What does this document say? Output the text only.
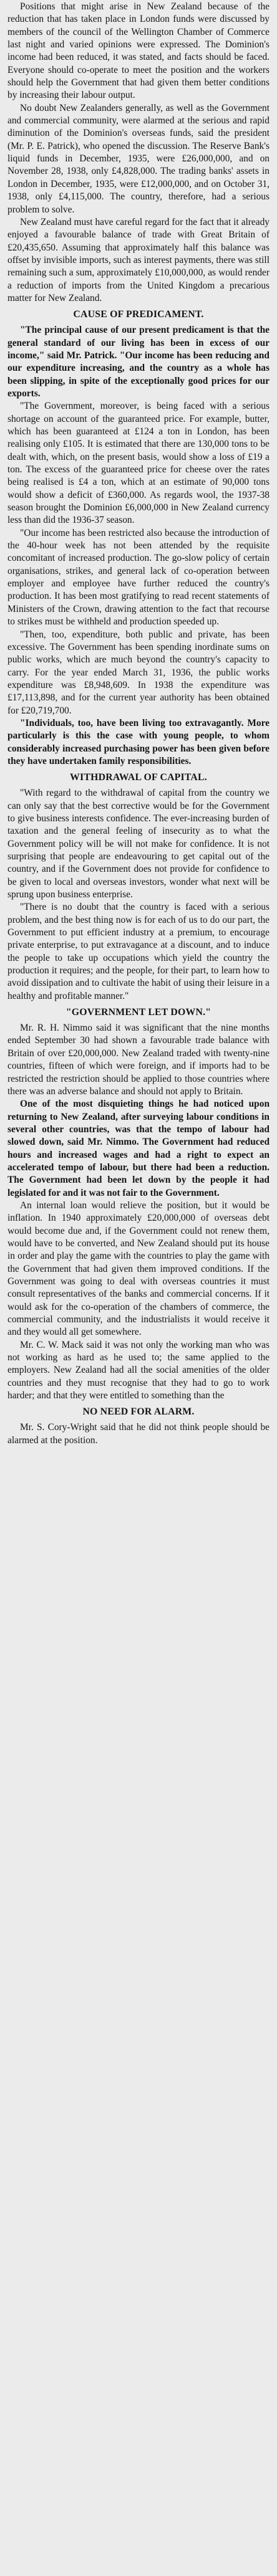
Positions that might arise in New Zealand because of the reduction that has taken place in London funds were discussed by members of the council of the Wellington Chamber of Commerce last night and varied opinions were expressed. The Dominion's income had been reduced, it was stated, and facts should be faced. Everyone should co-operate to meet the position and the workers should help the Government that had given them better conditions by increasing their labour output.

No doubt New Zealanders generally, as well as the Government and commercial community, were alarmed at the serious and rapid diminution of the Dominion's overseas funds, said the president (Mr. P. E. Patrick), who opened the discussion. The Reserve Bank's liquid funds in December, 1935, were £26,000,000, and on November 28, 1938, only £4,828,000. The trading banks' assets in London in December, 1935, were £12,000,000, and on October 31, 1938, only £4,115,000. The country, therefore, had a serious problem to solve.

New Zealand must have careful regard for the fact that it already enjoyed a favourable balance of trade with Great Britain of £20,435,650. Assuming that approximately half this balance was offset by invisible imports, such as interest payments, there was still remaining such a sum, approximately £10,000,000, as would render a reduction of imports from the United Kingdom a precarious matter for New Zealand.

CAUSE OF PREDICAMENT.

"The principal cause of our present predicament is that the general standard of our living has been in excess of our income," said Mr. Patrick. "Our income has been reducing and our expenditure increasing, and the country as a whole has been slipping, in spite of the exceptionally good prices for our exports.

"The Government, moreover, is being faced with a serious shortage on account of the guaranteed price. For example, butter, which has been guaranteed at £124 a ton in London, has been realising only £105. It is estimated that there are 130,000 tons to be dealt with, which, on the present basis, would show a loss of £19 a ton. The excess of the guaranteed price for cheese over the rates being realised is £4 a ton, which at an estimate of 90,000 tons would show a deficit of £360,000. As regards wool, the 1937-38 season brought the Dominion £6,000,000 in New Zealand currency less than did the 1936-37 season.

"Our income has been restricted also because the introduction of the 40-hour week has not been attended by the requisite concomitant of increased production. The go-slow policy of certain organisations, strikes, and general lack of co-operation between employer and employee have further reduced the country's production. It has been most gratifying to read recent statements of Ministers of the Crown, drawing attention to the fact that recourse to strikes must be withheld and production speeded up.

"Then, too, expenditure, both public and private, has been excessive. The Government has been spending inordinate sums on public works, which are much beyond the country's capacity to carry. For the year ended March 31, 1936, the public works expenditure was £8,948,609. In 1938 the expenditure was £17,113,898, and for the current year authority has been obtained for £20,719,700.

"Individuals, too, have been living too extravagantly. More particularly is this the case with young people, to whom considerably increased purchasing power has been given before they have undertaken family responsibilities.

WITHDRAWAL OF CAPITAL.

"With regard to the withdrawal of capital from the country we can only say that the best corrective would be for the Government to give business interests confidence. The ever-increasing burden of taxation and the general feeling of insecurity as to what the Government policy will be will not make for confidence. It is not surprising that people are endeavouring to get capital out of the country, and if the Government does not provide for confidence to be given to local and overseas investors, wonder what next will be sprung upon business enterprise.

"There is no doubt that the country is faced with a serious problem, and the best thing now is for each of us to do our part, the Government to put efficient industry at a premium, to encourage private enterprise, to put extravagance at a discount, and to induce the people to take up occupations which yield the country the production it requires; and the people, for their part, to learn how to avoid dissipation and to cultivate the habit of using their leisure in a healthy and profitable manner."

"GOVERNMENT LET DOWN."

Mr. R. H. Nimmo said it was significant that the nine months ended September 30 had shown a favourable trade balance with Britain of over £20,000,000. New Zealand traded with twenty-nine countries, fifteen of which were foreign, and if imports had to be restricted the restriction should be applied to those countries where there was an adverse balance and should not apply to Britain.

One of the most disquieting things he had noticed upon returning to New Zealand, after surveying labour conditions in several other countries, was that the tempo of labour had slowed down, said Mr. Nimmo. The Government had reduced hours and increased wages and had a right to expect an accelerated tempo of labour, but there had been a reduction. The Government had been let down by the people it had legislated for and it was not fair to the Government.

An internal loan would relieve the position, but it would be inflation. In 1940 approximately £20,000,000 of overseas debt would become due and, if the Government could not renew them, would have to be converted, and New Zealand should put its house in order and play the game with the countries to play the game with the Government that had given them improved conditions. If the Government was going to deal with overseas countries it must consult representatives of the banks and commercial concerns. If it would ask for the co-operation of the chambers of commerce, the commercial community, and the industrialists it would receive it and they would all get somewhere.

Mr. C. W. Mack said it was not only the working man who was not working as hard as he used to; the same applied to the employers. New Zealand had all the social amenities of the older countries and they must recognise that they had to go to work harder; and that they were entitled to something than the

NO NEED FOR ALARM.

Mr. S. Cory-Wright said that he did not think people should be alarmed at the position.
